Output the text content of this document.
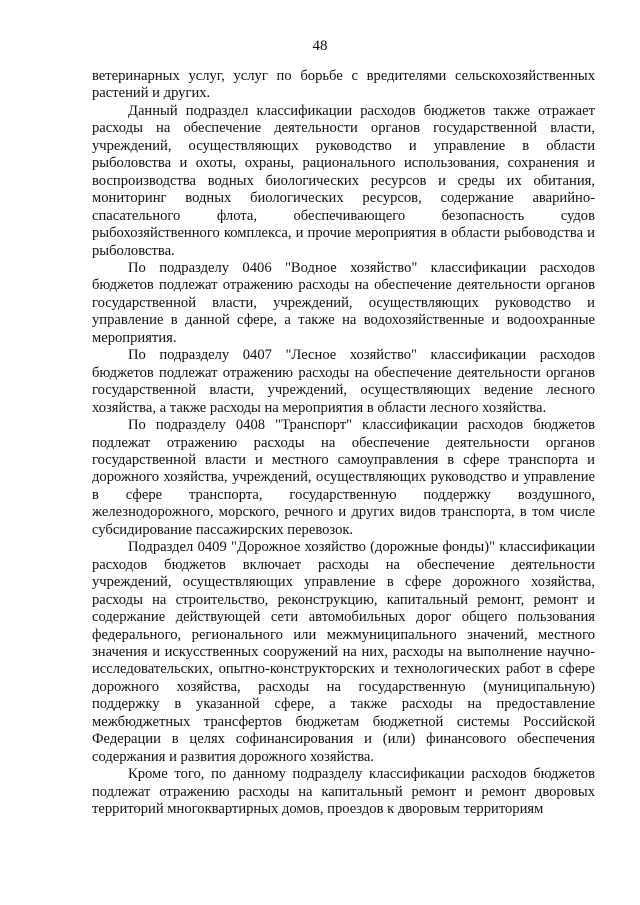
48

ветеринарных услуг, услуг по борьбе с вредителями сельскохозяйственных растений и других.

Данный подраздел классификации расходов бюджетов также отражает расходы на обеспечение деятельности органов государственной власти, учреждений, осуществляющих руководство и управление в области рыболовства и охоты, охраны, рационального использования, сохранения и воспроизводства водных биологических ресурсов и среды их обитания, мониторинг водных биологических ресурсов, содержание аварийно-спасательного флота, обеспечивающего безопасность судов рыбохозяйственного комплекса, и прочие мероприятия в области рыбоводства и рыболовства.

По подразделу 0406 "Водное хозяйство" классификации расходов бюджетов подлежат отражению расходы на обеспечение деятельности органов государственной власти, учреждений, осуществляющих руководство и управление в данной сфере, а также на водохозяйственные и водоохранные мероприятия.

По подразделу 0407 "Лесное хозяйство" классификации расходов бюджетов подлежат отражению расходы на обеспечение деятельности органов государственной власти, учреждений, осуществляющих ведение лесного хозяйства, а также расходы на мероприятия в области лесного хозяйства.

По подразделу 0408 "Транспорт" классификации расходов бюджетов подлежат отражению расходы на обеспечение деятельности органов государственной власти и местного самоуправления в сфере транспорта и дорожного хозяйства, учреждений, осуществляющих руководство и управление в сфере транспорта, государственную поддержку воздушного, железнодорожного, морского, речного и других видов транспорта, в том числе субсидирование пассажирских перевозок.

Подраздел 0409 "Дорожное хозяйство (дорожные фонды)" классификации расходов бюджетов включает расходы на обеспечение деятельности учреждений, осуществляющих управление в сфере дорожного хозяйства, расходы на строительство, реконструкцию, капитальный ремонт, ремонт и содержание действующей сети автомобильных дорог общего пользования федерального, регионального или межмуниципального значений, местного значения и искусственных сооружений на них, расходы на выполнение научно-исследовательских, опытно-конструкторских и технологических работ в сфере дорожного хозяйства, расходы на государственную (муниципальную) поддержку в указанной сфере, а также расходы на предоставление межбюджетных трансфертов бюджетам бюджетной системы Российской Федерации в целях софинансирования и (или) финансового обеспечения содержания и развития дорожного хозяйства.

Кроме того, по данному подразделу классификации расходов бюджетов подлежат отражению расходы на капитальный ремонт и ремонт дворовых территорий многоквартирных домов, проездов к дворовым территориям
